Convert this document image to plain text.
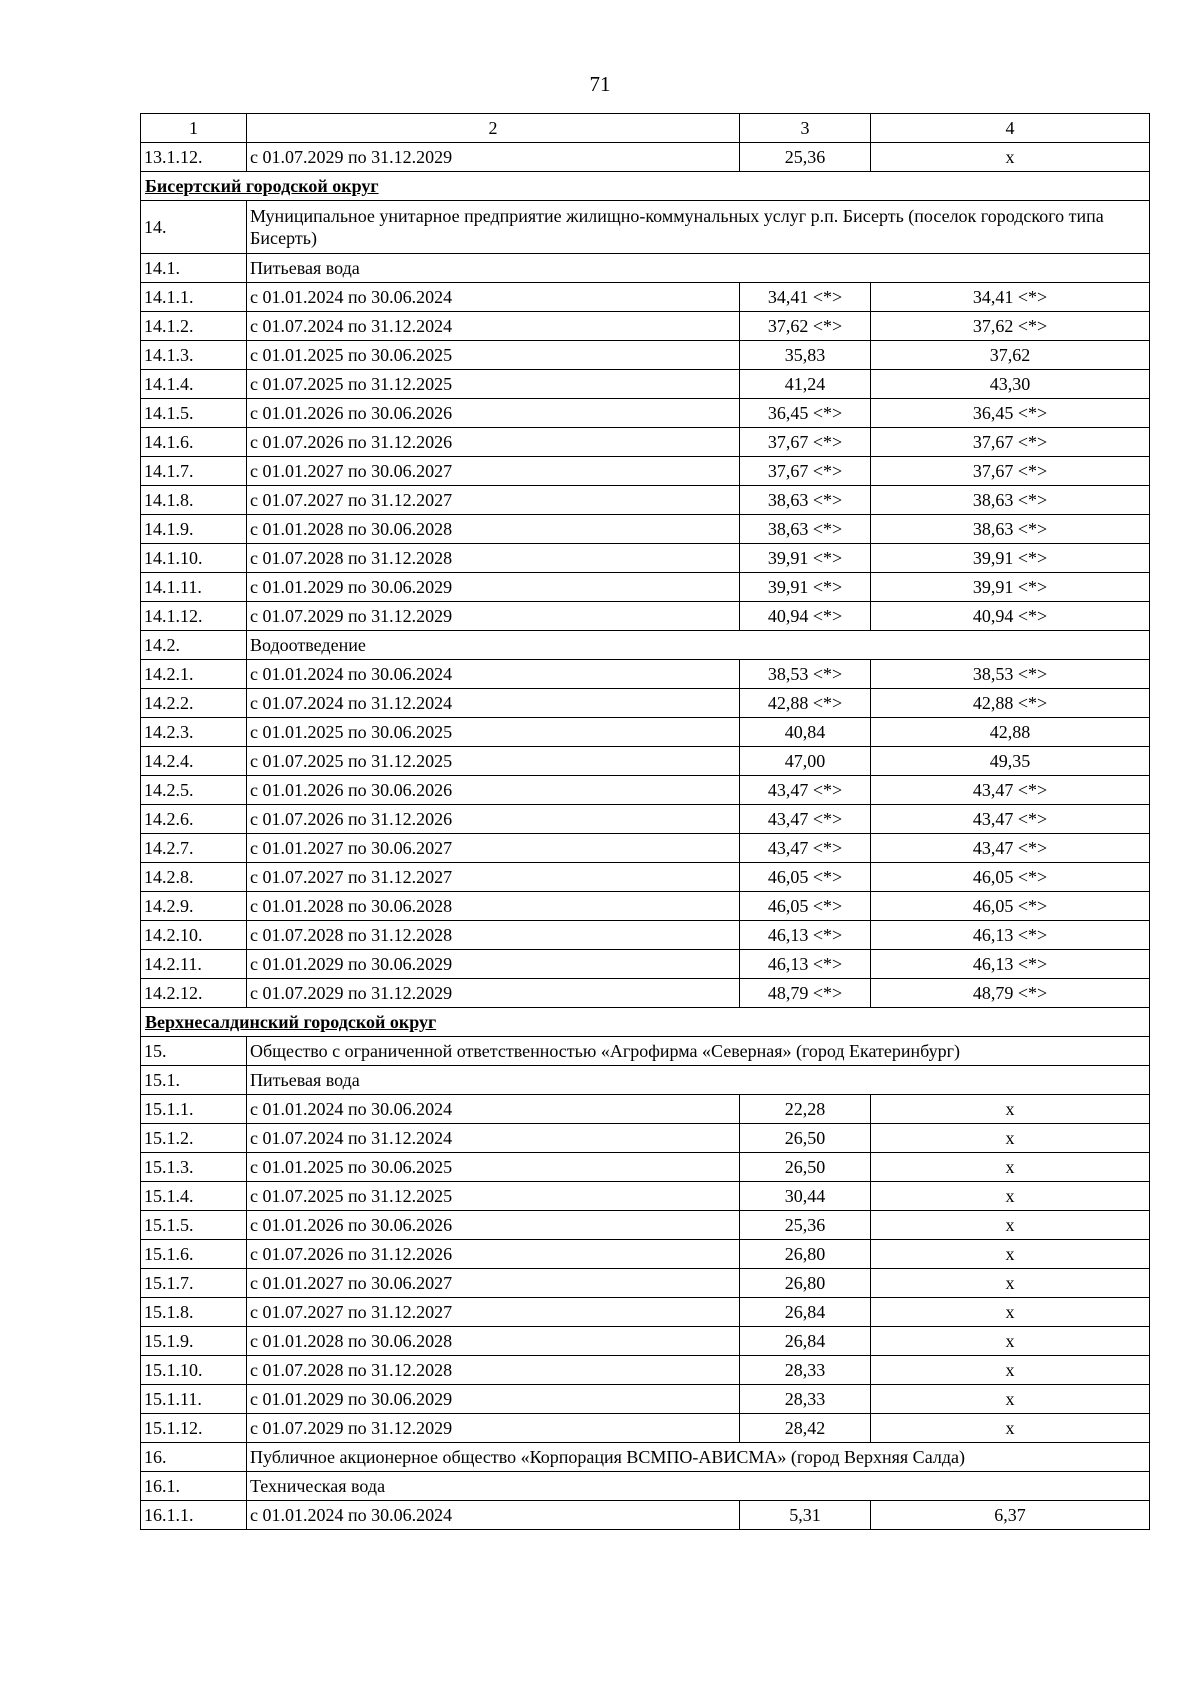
71
1	2	3	4
13.1.12.	с 01.07.2029 по 31.12.2029	25,36	х
Бисертский городской округ			
14.	Муниципальное унитарное предприятие жилищно-коммунальных услуг р.п. Бисерть (поселок городского типа Бисерть)		
14.1.	Питьевая вода		
14.1.1.	с 01.01.2024 по 30.06.2024	34,41 <*>	34,41 <*>
14.1.2.	с 01.07.2024 по 31.12.2024	37,62 <*>	37,62 <*>
14.1.3.	с 01.01.2025 по 30.06.2025	35,83	37,62
14.1.4.	с 01.07.2025 по 31.12.2025	41,24	43,30
14.1.5.	с 01.01.2026 по 30.06.2026	36,45 <*>	36,45 <*>
14.1.6.	с 01.07.2026 по 31.12.2026	37,67 <*>	37,67 <*>
14.1.7.	с 01.01.2027 по 30.06.2027	37,67 <*>	37,67 <*>
14.1.8.	с 01.07.2027 по 31.12.2027	38,63 <*>	38,63 <*>
14.1.9.	с 01.01.2028 по 30.06.2028	38,63 <*>	38,63 <*>
14.1.10.	с 01.07.2028 по 31.12.2028	39,91 <*>	39,91 <*>
14.1.11.	с 01.01.2029 по 30.06.2029	39,91 <*>	39,91 <*>
14.1.12.	с 01.07.2029 по 31.12.2029	40,94 <*>	40,94 <*>
14.2.	Водоотведение		
14.2.1.	с 01.01.2024 по 30.06.2024	38,53 <*>	38,53 <*>
14.2.2.	с 01.07.2024 по 31.12.2024	42,88 <*>	42,88 <*>
14.2.3.	с 01.01.2025 по 30.06.2025	40,84	42,88
14.2.4.	с 01.07.2025 по 31.12.2025	47,00	49,35
14.2.5.	с 01.01.2026 по 30.06.2026	43,47 <*>	43,47 <*>
14.2.6.	с 01.07.2026 по 31.12.2026	43,47 <*>	43,47 <*>
14.2.7.	с 01.01.2027 по 30.06.2027	43,47 <*>	43,47 <*>
14.2.8.	с 01.07.2027 по 31.12.2027	46,05 <*>	46,05 <*>
14.2.9.	с 01.01.2028 по 30.06.2028	46,05 <*>	46,05 <*>
14.2.10.	с 01.07.2028 по 31.12.2028	46,13 <*>	46,13 <*>
14.2.11.	с 01.01.2029 по 30.06.2029	46,13 <*>	46,13 <*>
14.2.12.	с 01.07.2029 по 31.12.2029	48,79 <*>	48,79 <*>
Верхнесалдинский городской округ			
15.	Общество с ограниченной ответственностью «Агрофирма «Северная» (город Екатеринбург)		
15.1.	Питьевая вода		
15.1.1.	с 01.01.2024 по 30.06.2024	22,28	х
15.1.2.	с 01.07.2024 по 31.12.2024	26,50	х
15.1.3.	с 01.01.2025 по 30.06.2025	26,50	х
15.1.4.	с 01.07.2025 по 31.12.2025	30,44	х
15.1.5.	с 01.01.2026 по 30.06.2026	25,36	х
15.1.6.	с 01.07.2026 по 31.12.2026	26,80	х
15.1.7.	с 01.01.2027 по 30.06.2027	26,80	х
15.1.8.	с 01.07.2027 по 31.12.2027	26,84	х
15.1.9.	с 01.01.2028 по 30.06.2028	26,84	х
15.1.10.	с 01.07.2028 по 31.12.2028	28,33	х
15.1.11.	с 01.01.2029 по 30.06.2029	28,33	х
15.1.12.	с 01.07.2029 по 31.12.2029	28,42	х
16.	Публичное акционерное общество «Корпорация ВСМПО-АВИСМА» (город Верхняя Салда)		
16.1.	Техническая вода		
16.1.1.	с 01.01.2024 по 30.06.2024	5,31	6,37
